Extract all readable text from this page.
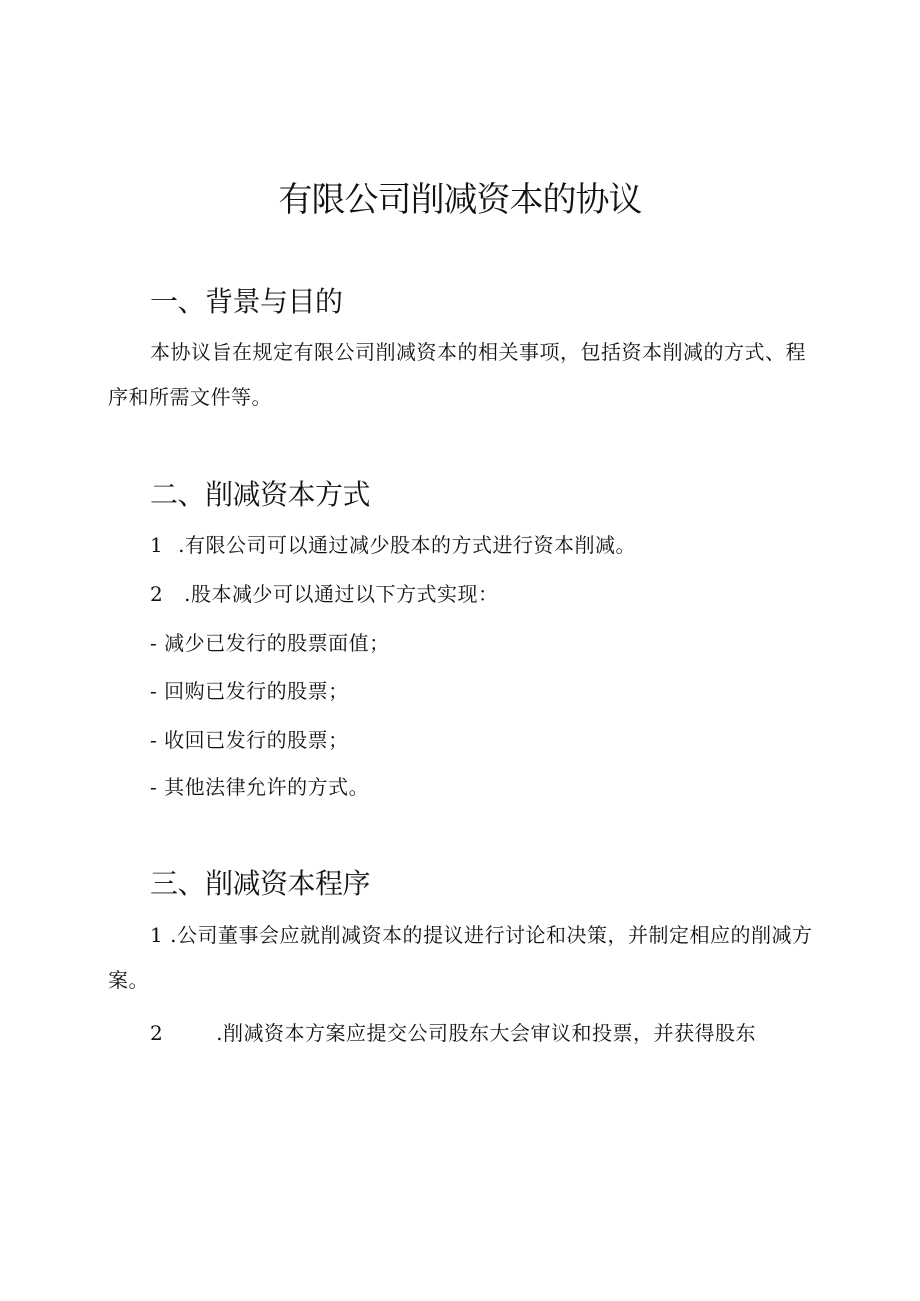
有限公司削减资本的协议
一、背景与目的

本协议旨在规定有限公司削减资本的相关事项，包括资本削减的方式、程序和所需文件等。

二、削减资本方式
1 .有限公司可以通过减少股本的方式进行资本削减。
2 .股本减少可以通过以下方式实现：
- 减少已发行的股票面值；
- 回购已发行的股票；
- 收回已发行的股票；
- 其他法律允许的方式。
三、削减资本程序

1 .公司董事会应就削减资本的提议进行讨论和决策，并制定相应的削减方案。

2	.削减资本方案应提交公司股东大会审议和投票，并获得股东
